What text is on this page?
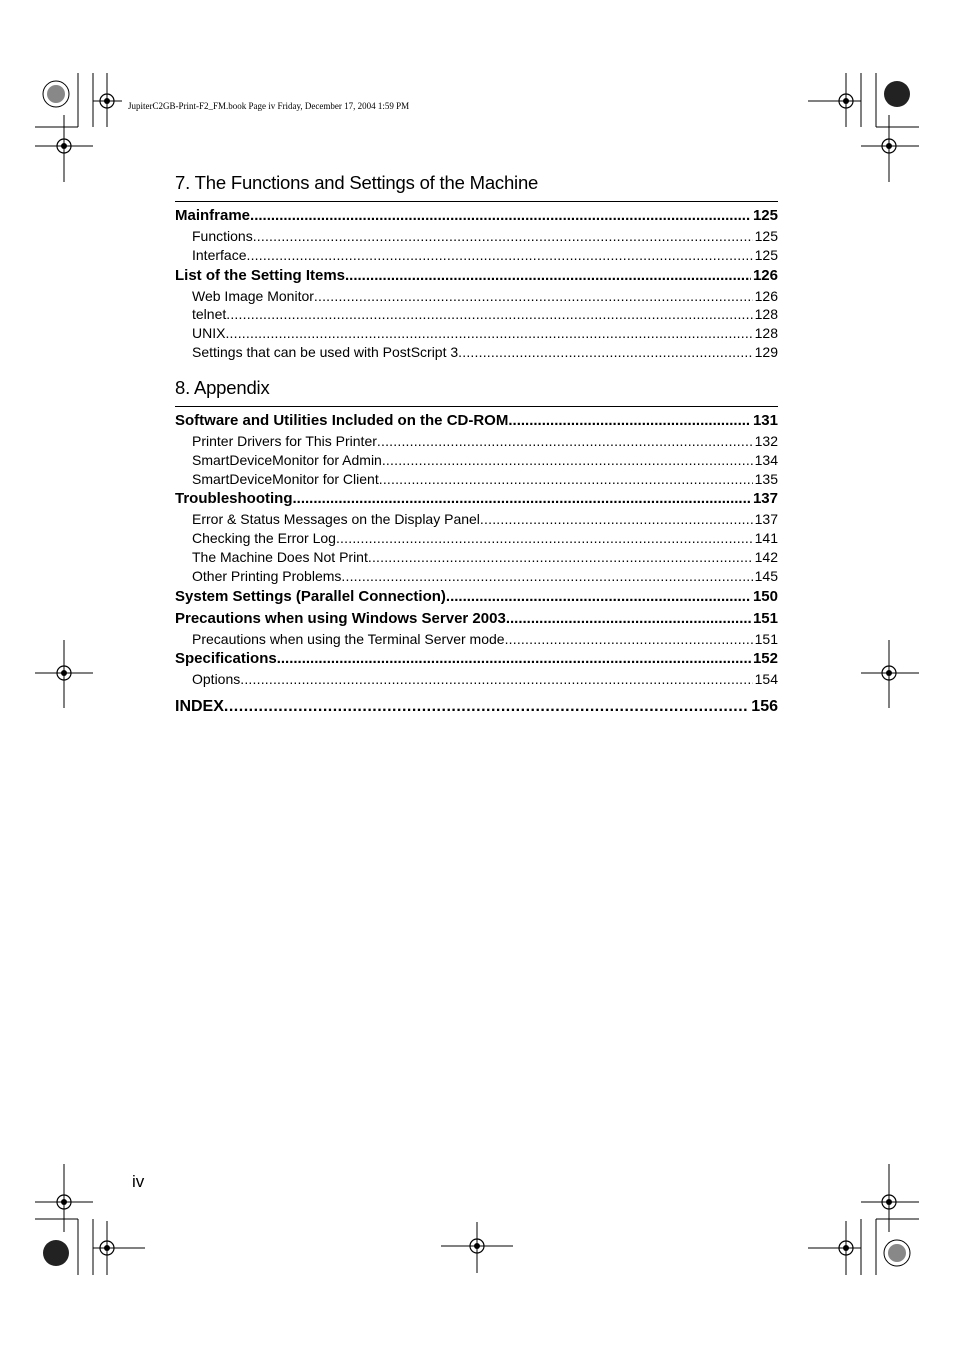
JupiterC2GB-Print-F2_FM.book Page iv Friday, December 17, 2004 1:59 PM
7. The Functions and Settings of the Machine
Mainframe .....	125
Functions .....	125
Interface .....	125
List of the Setting Items .....	126
Web Image Monitor .....	126
telnet .....	128
UNIX .....	128
Settings that can be used with PostScript 3 .....	129
8. Appendix
Software and Utilities Included on the CD-ROM .....	131
Printer Drivers for This Printer .....	132
SmartDeviceMonitor for Admin .....	134
SmartDeviceMonitor for Client .....	135
Troubleshooting .....	137
Error & Status Messages on the Display Panel .....	137
Checking the Error Log .....	141
The Machine Does Not Print .....	142
Other Printing Problems .....	145
System Settings (Parallel Connection) .....	150
Precautions when using Windows Server 2003 .....	151
Precautions when using the Terminal Server mode .....	151
Specifications .....	152
Options .....	154
INDEX .....	156
iv
